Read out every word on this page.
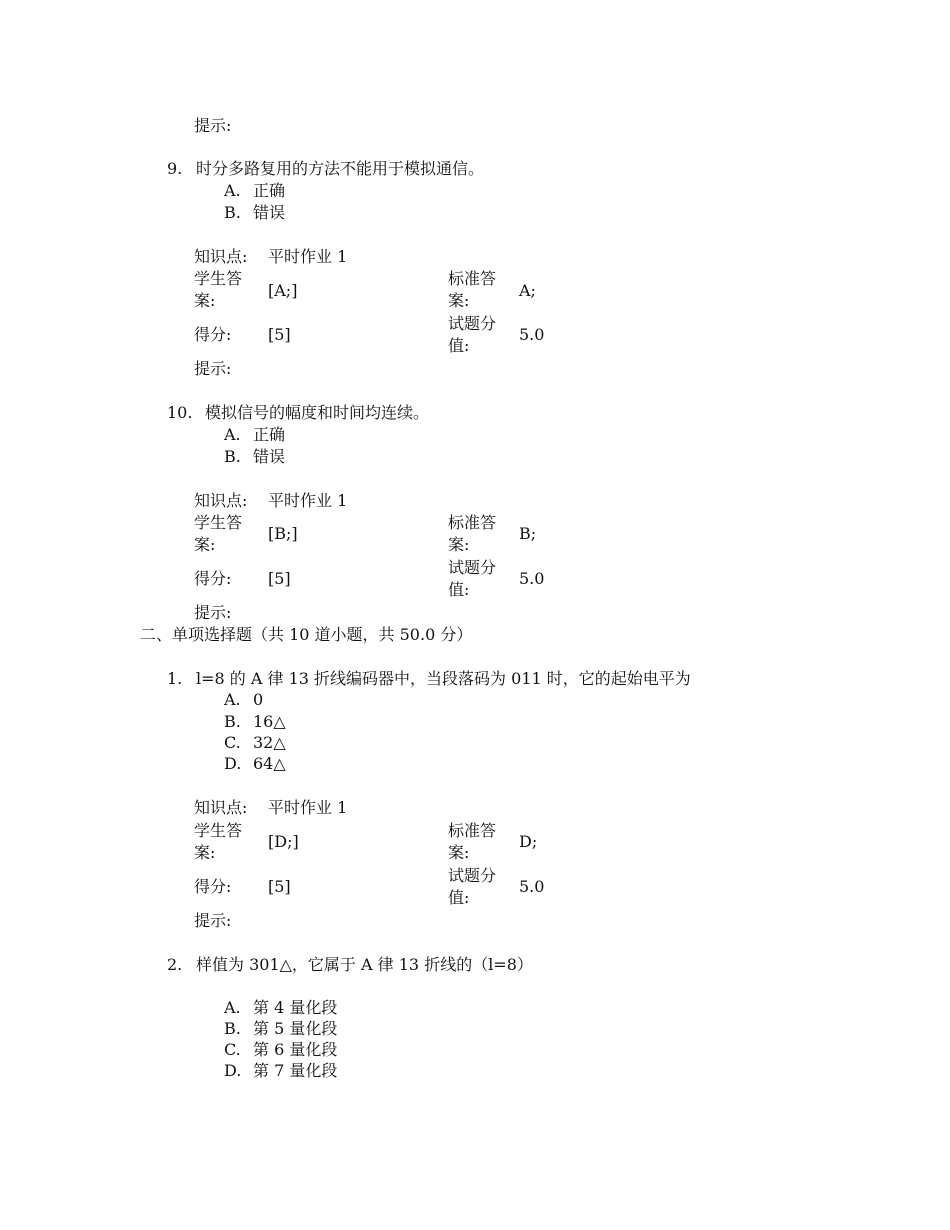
提示:
9. 时分多路复用的方法不能用于模拟通信。
A. 正确
B. 错误
知识点: 平时作业 1
学生答案:
[A;]
标准答案:
A;
得分: [5]
试题分值:
5.0
提示:
10. 模拟信号的幅度和时间均连续。
A. 正确
B. 错误
知识点: 平时作业 1
学生答案:
[B;]
标准答案:
B;
得分: [5]
试题分值:
5.0
提示:
二、单项选择题（共 10 道小题，共 50.0 分）
1. l=8 的 A 律 13 折线编码器中，当段落码为 011 时，它的起始电平为
A. 0
B. 16△
C. 32△
D. 64△
知识点: 平时作业 1
学生答案:
[D;]
标准答案:
D;
得分: [5]
试题分值:
5.0
提示:
2. 样值为 301△，它属于 A 律 13 折线的（l=8）
A. 第 4 量化段
B. 第 5 量化段
C. 第 6 量化段
D. 第 7 量化段
